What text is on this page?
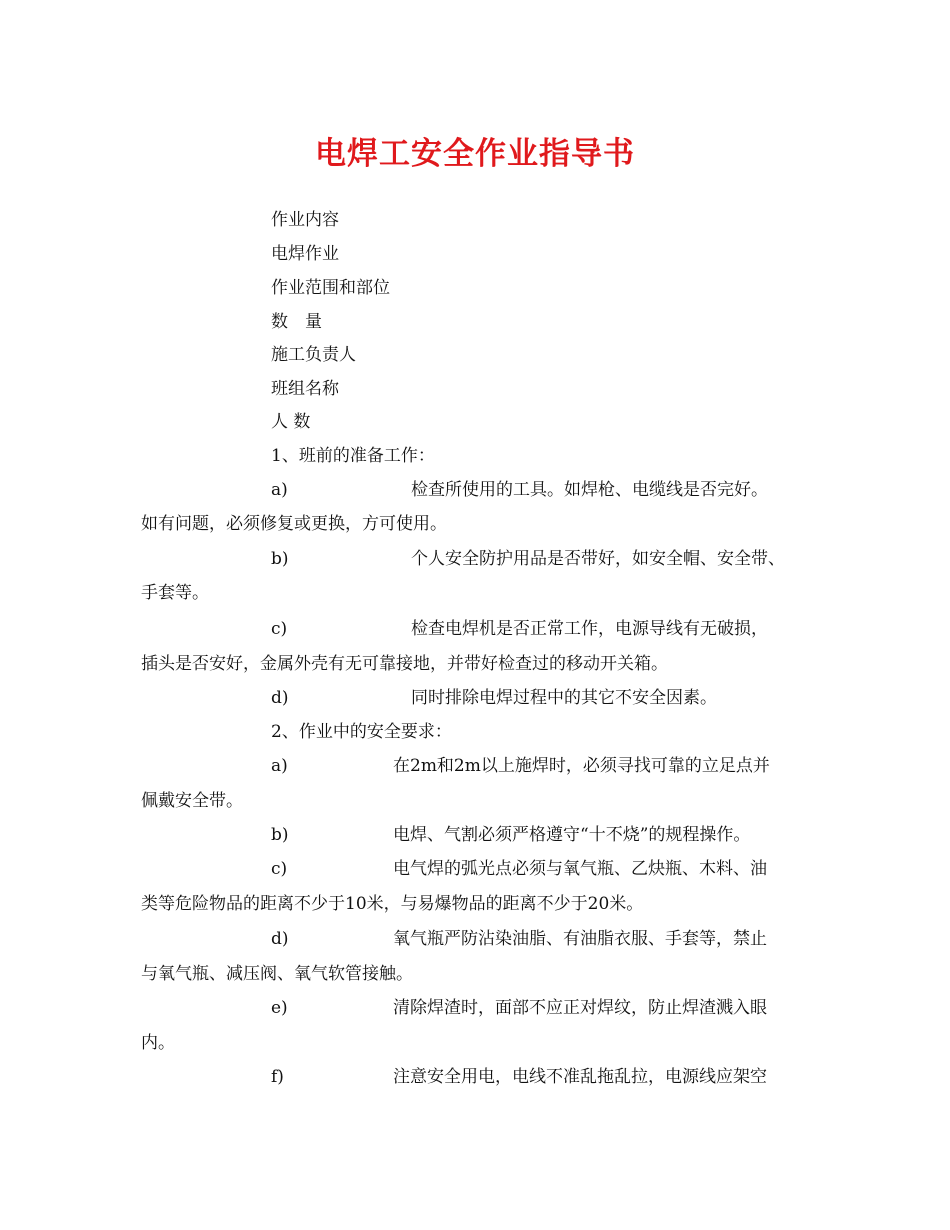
电焊工安全作业指导书
作业内容
电焊作业
作业范围和部位
数　量
施工负责人
班组名称
人 数
1、班前的准备工作：
a)	检查所使用的工具。如焊枪、电缆线是否完好。
如有问题，必须修复或更换，方可使用。
b)	个人安全防护用品是否带好，如安全帽、安全带、
手套等。
c)	检查电焊机是否正常工作，电源导线有无破损，
插头是否安好，金属外壳有无可靠接地，并带好检查过的移动开关箱。
d)	同时排除电焊过程中的其它不安全因素。
2、作业中的安全要求：
a)	在2m和2m以上施焊时，必须寻找可靠的立足点并
佩戴安全带。
b)	电焊、气割必须严格遵守“十不烧”的规程操作。
c)	电气焊的弧光点必须与氧气瓶、乙炔瓶、木料、油
类等危险物品的距离不少于10米，与易爆物品的距离不少于20米。
d)	氧气瓶严防沾染油脂、有油脂衣服、手套等，禁止
与氧气瓶、减压阀、氧气软管接触。
e)	清除焊渣时，面部不应正对焊纹，防止焊渣溅入眼
内。
f)	注意安全用电，电线不准乱拖乱拉，电源线应架空
